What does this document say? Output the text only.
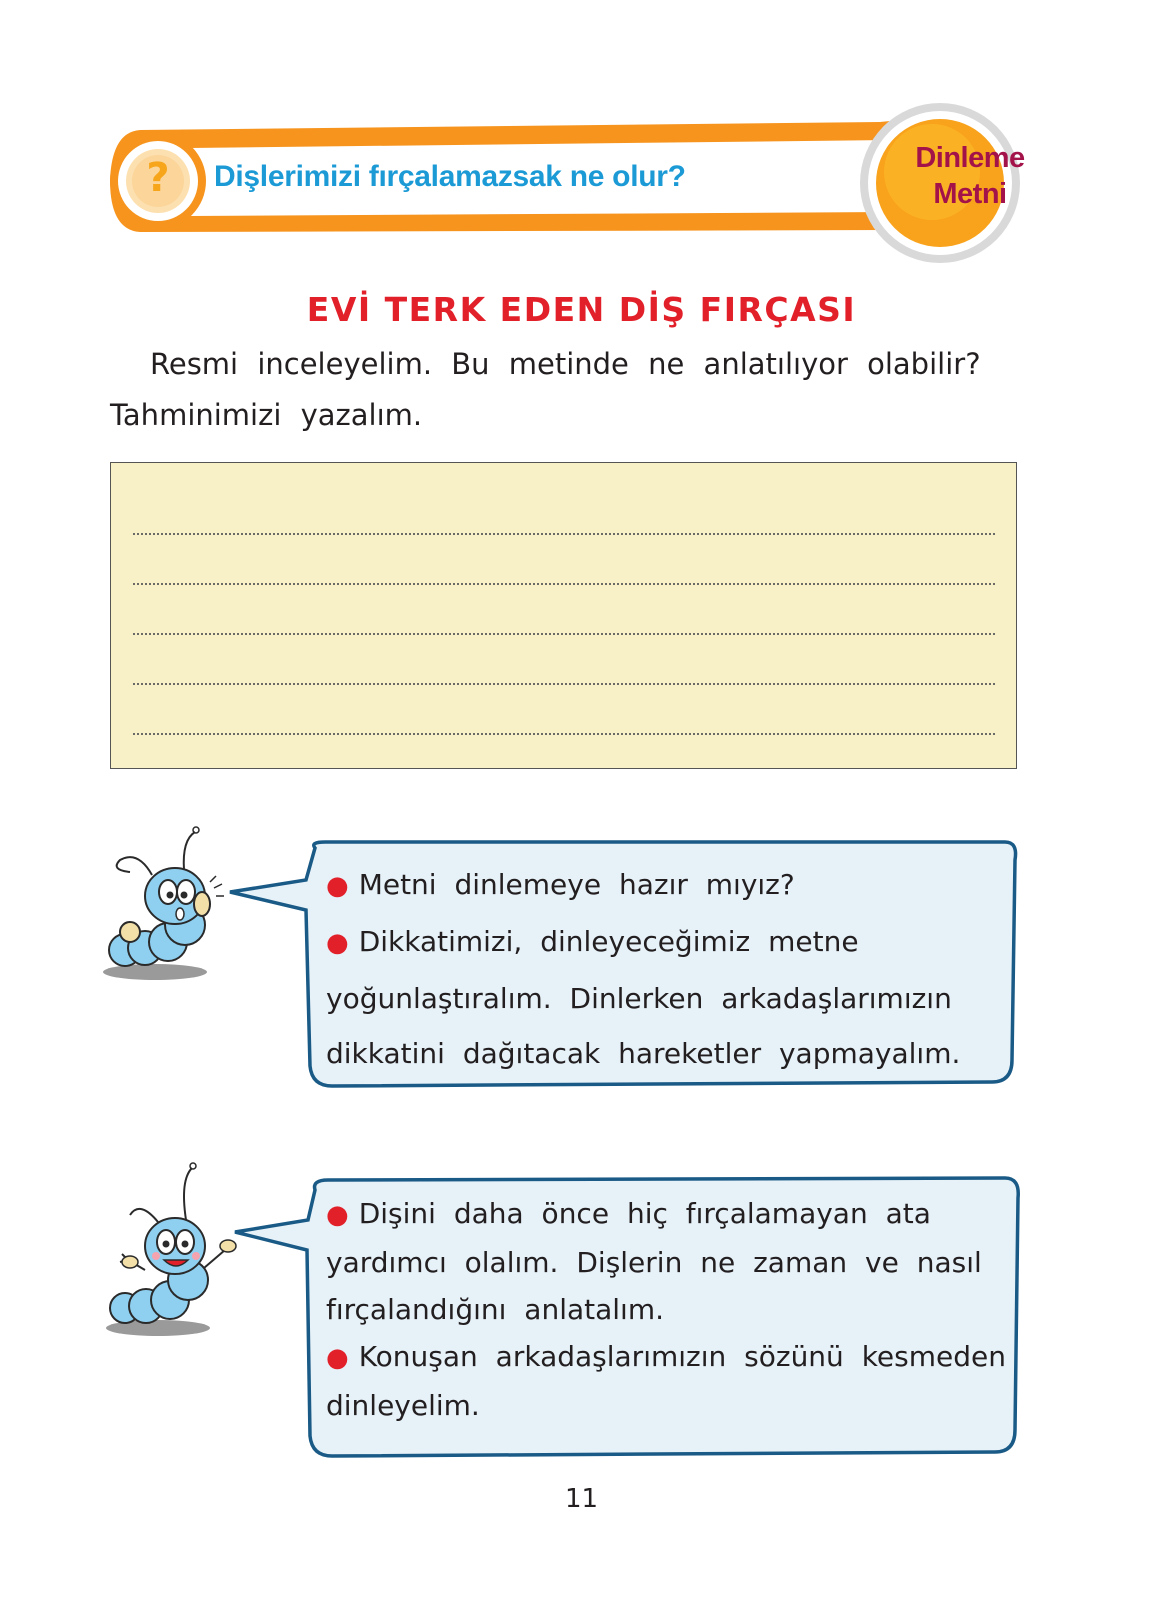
?	Dişlerimizi fırçalamazsak ne olur?
Dinleme
Metni
EVİ TERK EDEN DİŞ FIRÇASI
Resmi inceleyelim. Bu metinde ne anlatılıyor olabilir?
Tahminimizi yazalım.
● Metni dinlemeye hazır mıyız?
● Dikkatimizi, dinleyeceğimiz metne
yoğunlaştıralım. Dinlerken arkadaşlarımızın
dikkatini dağıtacak hareketler yapmayalım.
● Dişini daha önce hiç fırçalamayan ata
yardımcı olalım. Dişlerin ne zaman ve nasıl
fırçalandığını anlatalım.
● Konuşan arkadaşlarımızın sözünü kesmeden
dinleyelim.
11
